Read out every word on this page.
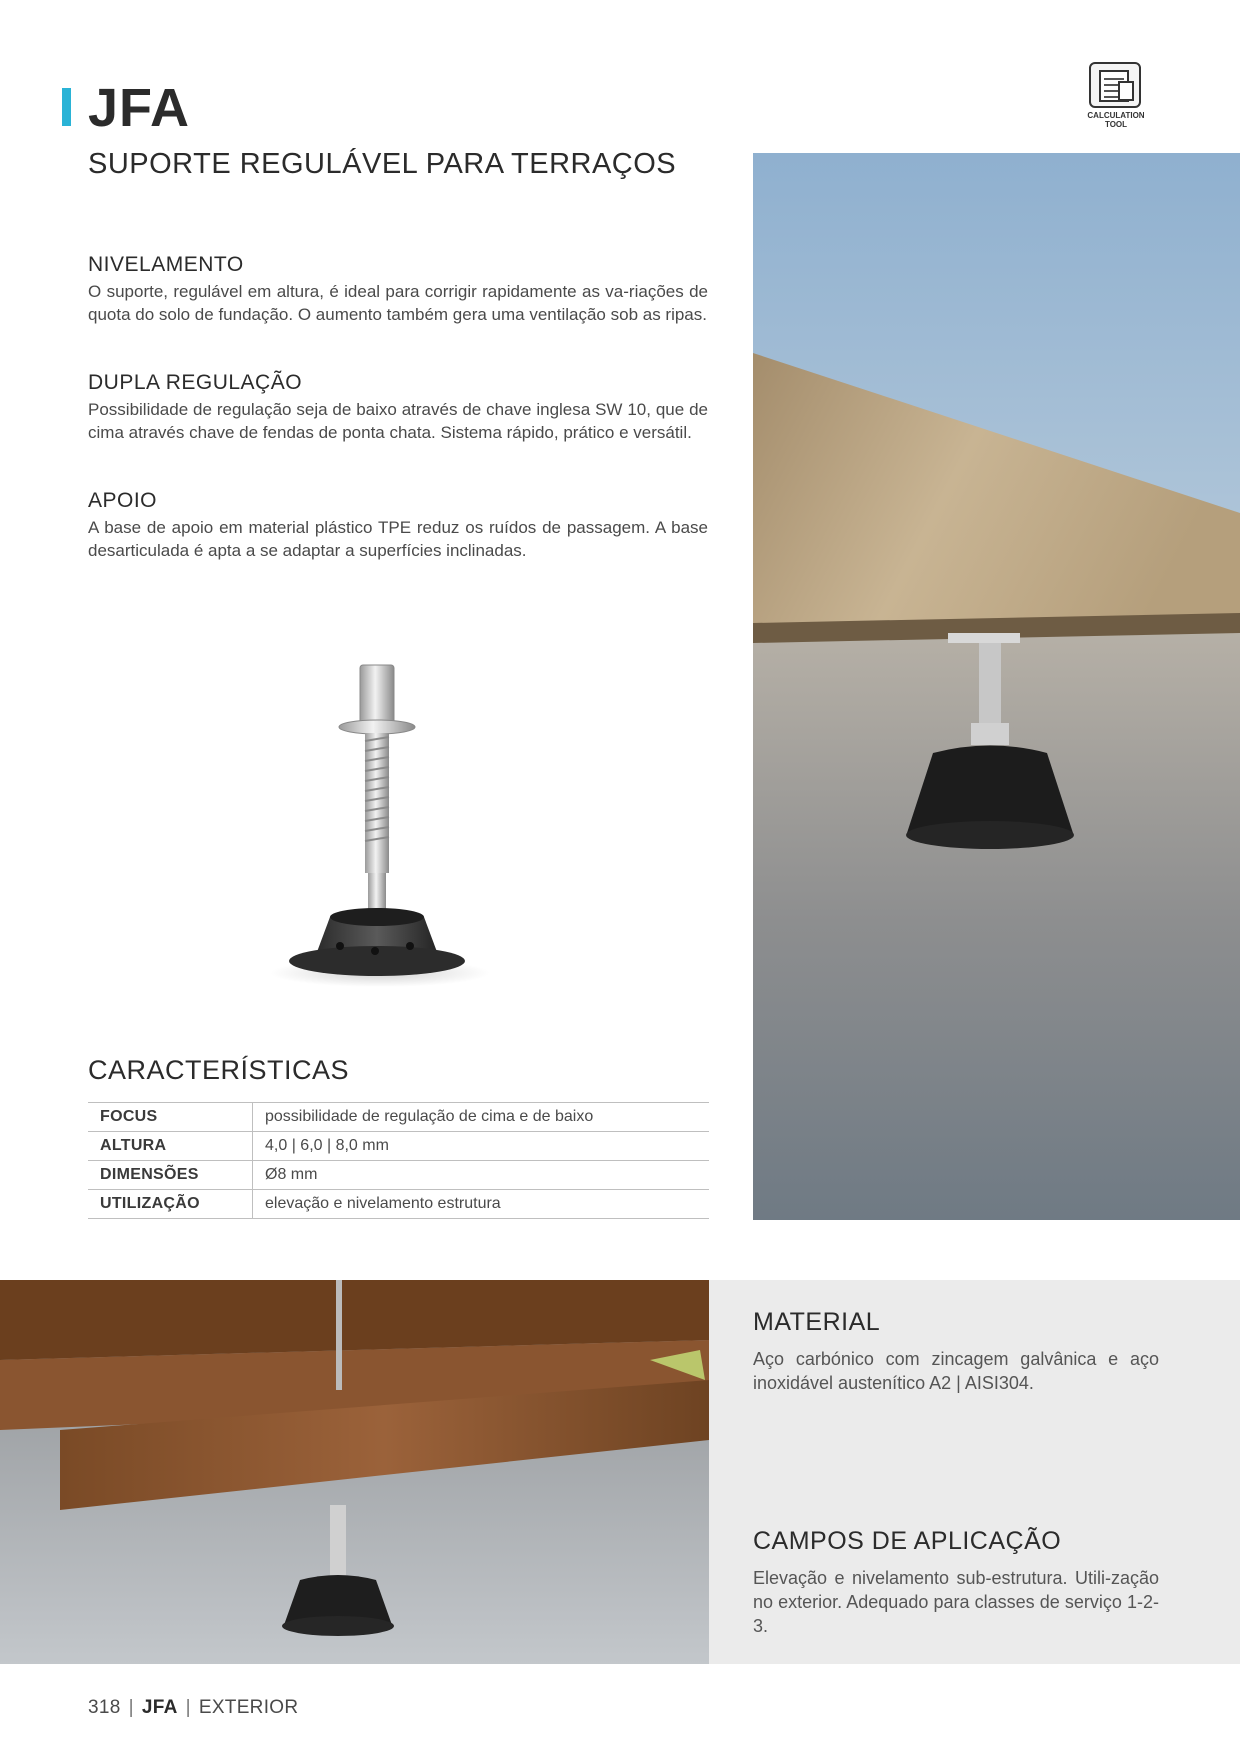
JFA
SUPORTE REGULÁVEL PARA TERRAÇOS
CALCULATION
TOOL
NIVELAMENTO

O suporte, regulável em altura, é ideal para corrigir rapidamente as va-riações de quota do solo de fundação. O aumento também gera uma ventilação sob as ripas.

DUPLA REGULAÇÃO

Possibilidade de regulação seja de baixo através de chave inglesa SW 10, que de cima através chave de fendas de ponta chata. Sistema rápido, prático e versátil.

APOIO

A base de apoio em material plástico TPE reduz os ruídos de passagem. A base desarticulada é apta a se adaptar a superfícies inclinadas.

CARACTERÍSTICAS
FOCUS	possibilidade de regulação de cima e de baixo
ALTURA	4,0 | 6,0 | 8,0 mm
DIMENSÕES	Ø8 mm
UTILIZAÇÃO	elevação e nivelamento estrutura
MATERIAL

Aço carbónico com zincagem galvânica e aço inoxidável austenítico A2 | AISI304.

CAMPOS DE APLICAÇÃO

Elevação e nivelamento sub-estrutura. Utili-zação no exterior. Adequado para classes de serviço 1-2-3.

318 | JFA | EXTERIOR
